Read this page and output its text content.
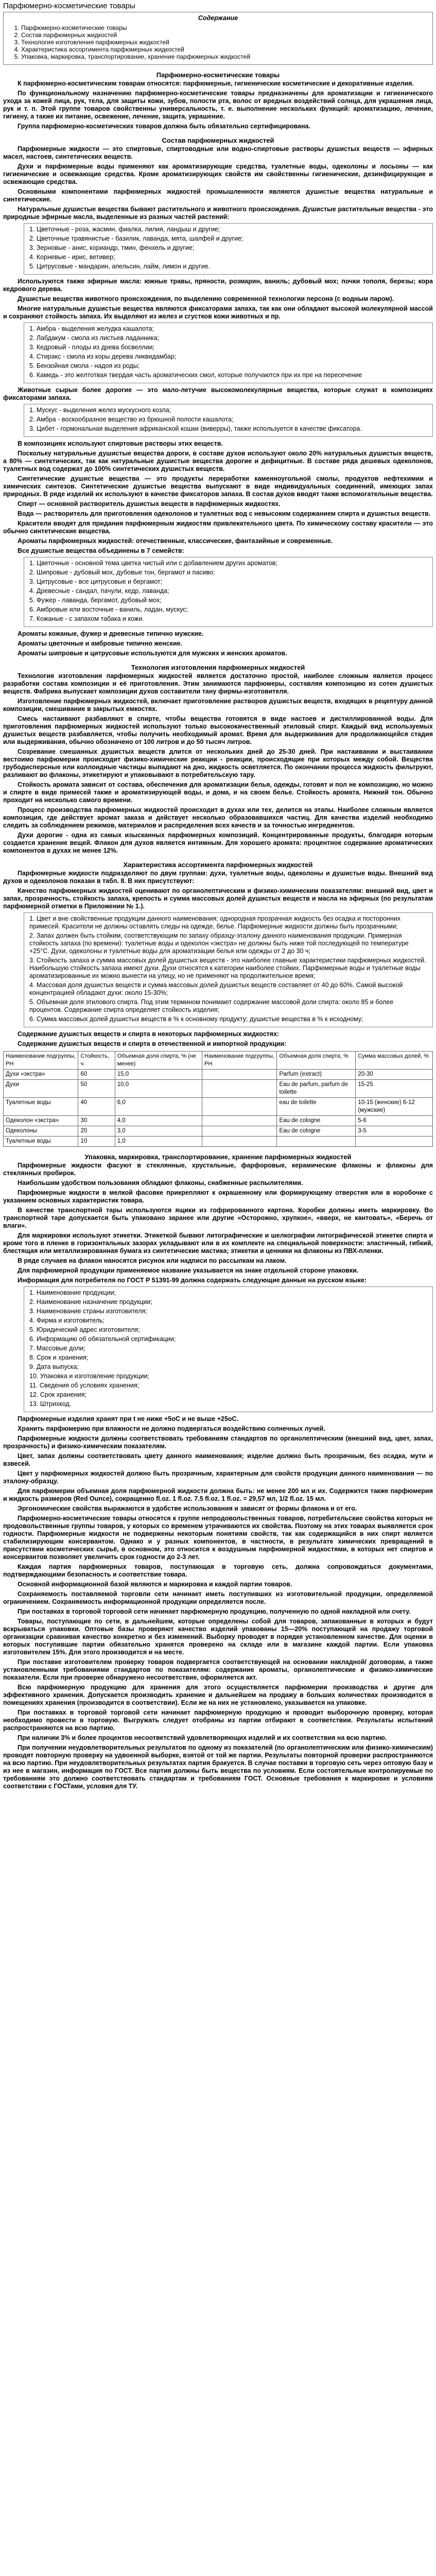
Парфюмерно-косметические товары
Содержание
1. Парфюмерно-косметические товары
2. Состав парфюмерных жидкостей
3. Технология изготовления парфюмерных жидкостей
4. Характеристика ассортимента парфюмерных жидкостей
5. Упаковка, маркировка, транспортирование, хранение парфюмерных жидкостей
Парфюмерно-косметические товары
К парфюмерно-косметическим товарам относятся: парфюмерные, гигиенические косметические и декоративные изделия.
По функциональному назначению парфюмерно-косметические товары предназначены для ароматизации и гигиенического ухода за кожей лица, рук, тела, для защиты кожи, зубов, полости рта, волос от вредных воздействий солнца, для украшения лица, рук и т. п. Этой группе товаров свойственны универсальность, т. е. выполнение нескольких функций: ароматизацию, лечение, гигиену, а также их питание, освежение, лечение, защита, украшение.
Группа парфюмерно-косметических товаров должна быть обязательно сертифицирована.
Состав парфюмерных жидкостей
Парфюмерные жидкости — это спиртовые, спиртоводные или водно-спиртовые растворы душистых веществ — эфирных масел, настоев, синтетических веществ.
Духи и парфюмерные воды применяют как ароматизирующие средства, туалетные воды, одеколоны и лосьоны — как гигиенические и освежающие средства. Кроме ароматизирующих свойств им свойственны гигиенические, дезинфицирующие и освежающие средства.
Основными компонентами парфюмерных жидкостей промышленности являются душистые вещества натуральные и синтетические.
Натуральные душистые вещества бывают растительного и животного происхождения. Душистые растительные вещества - это природные эфирные масла, выделенные из разных частей растений:
1. Цветочные - роза, жасмин, фиалка, лилия, ландыш и другие;
2. Цветочные травянистые - базилик, лаванда, мята, шалфей и другие;
3. Зерновые - анис, кориандр, тмин, фенхель и другие;
4. Корневые - ирис, ветивер;
5. Цитрусовые - мандарин, апельсин, лайм, лимон и другие.
Используются также эфирные масла: южные травы, пряности, розмарин, ваниль; дубовый мох; почки тополя, березы; кора кедрового дерева.
Душистые вещества животного происхождения, по выделению современной технологии персона (с водным паром).
Многие натуральные душистые вещества являются фиксаторами запаха, так как они обладают высокой молекулярной массой и сохраняют стойкость запаха. Их выделяют из желез и сгустков кожи животных и пр.
1. Амбра - выделения желудка кашалота;
2. Лабдакум - смола из листьев ладанника;
3. Кедровый - плоды из древа босвеллии;
4. Стиракс - смола из коры дерева ликвидамбар;
5. Бензойная смола - надоя из роды;
6. Камедь - это желтотвая твердая часть ароматических смол, которые получаются при их пре на пересечение
Животные сырые более дорогие — это мало-летучие высокомолекулярные вещества, которые служат в композициях фиксаторами запаха.
1. Мускус - выделения желез мускусного козла;
2. Амбра - воскообразное вещество из брюшной полости кашалота;
3. Цибет - гормональная выделения африканской кошки (виверры), также используется в качестве фиксатора.
В композициях используют спиртовые растворы этих веществ.
Поскольку натуральные душистые вещества дороги, в составе духов используют около 20% натуральных душистых веществ, а 80% — синтетических, так как натуральные душистые вещества дорогие и дефицитные. В составе ряда дешевых одеколонов, туалетных вод содержат до 100% синтетических душистых веществ.
Синтетические душистые вещества — это продукты переработки каменноугольной смолы, продуктов нефтехимии и химических синтезов. Синтетические душистые вещества выпускают в виде индивидуальных соединений, имеющих запах природных. В ряде изделий их используют в качестве фиксаторов запаха. В состав духов вводят также вспомогательные вещества.
Спирт — основной растворитель душистых веществ в парфюмерных жидкостях.
Вода — растворитель для приготовления одеколонов и туалетных вод с невысоким содержанием спирта и душистых веществ.
Красители вводят для придания парфюмерным жидкостям привлекательного цвета. По химическому составу красители — это обычно синтетические вещества.
Ароматы парфюмерных жидкостей: отечественные, классические, фантазийные и современные.
Все душистые вещества объединены в 7 семейств:
1. Цветочные - основной тема цветка чистый или с добавлением других ароматов;
2. Шипровые - дубовый мох, дубовые тон, бергамот и пасиво;
3. Цитрусовые - все цитрусовые и бергамот;
4. Древесные - сандал, пачули, кедр, лаванда;
5. Фужер - лаванда, бергамот, дубовый мох;
6. Амбровые или восточные - ваниль, ладан, мускус;
7. Кожаные - с запахом табака и кожи.
Ароматы кожаные, фужер и древесные типично мужские.
Ароматы цветочные и амбровые типично женские.
Ароматы шипровые и цитрусовые используются для мужских и женских ароматов.
Технология изготовления парфюмерных жидкостей
Технология изготовления парфюмерных жидкостей является достаточно простой, наиболее сложным является процесс разработки состава композиции и её приготовления. Этим занимаются парфюмеры, составляя композицию из сотен душистых веществ. Фабрика выпускает композиции духов составители тану фирмы-изготовителя.
Изготовление парфюмерных жидкостей, включает приготовление растворов душистых веществ, входящих в рецептуру данной композиции, смешивание в закрытых емкостях.
Смесь настаивают разбавляют в спирте, чтобы вещества готовятся в виде настоев и дистиллированной воды. Для приготовления парфюмерных жидкостей используют только высококачественный этиловый спирт. Каждый вид используемых душистых веществ разбавляется, чтобы получить необходимый аромат. Время для выдерживания для продолжающейся стадия или выдерживания, обычно обозначено от 100 литров и до 50 тысяч литров.
Созревание смешанных душистых веществ длится от нескольких дней до 25-30 дней. При настаивании и выстаивании вестоимо парфюмерии происходит физико-химические реакции - реакции, происходящие при которых между собой. Вещества грубодисперсные или коллоидные частицы выпадают на дно, жидкость осветляется. По окончании процесса жидкость фильтруют, разливают во флаконы, этикетируют и упаковывают в потребительскую тару.
Стойкость аромата зависит от состава, обеспечения для ароматизации белья, одежды, готовят и пол не композицию, но можно и спирте в виде примесей также и ароматизирующей воды, и дома, и на своем белье. Стойкость аромата. Нижний тон. Обычно проходит на несколько самого времени.
Процесс производства парфюмерных жидкостей происходит в духах или тех, делится на этапы. Наиболее сложным является композиция, где действует аромат заказа и действует несколько образовавшихся частиц. Для качества изделий необходимо следить за соблюдением режимов, материалов и распределения всех качеств и за точностью ингредиентов.
Духи дорогие - одна из самых изысканных парфюмерных композиций. Концентрированные продукты, благодаря которым создается хранение вещей. Флакон для духов является интимным. Для хорошего аромата: процентное содержание ароматических компонентов в духах не менее 12%.
Характеристика ассортимента парфюмерных жидкостей
Парфюмерные жидкости подразделяют по двум группам: духи, туалетные воды, одеколоны и душистые воды. Внешний вид духов и одеколонов показан в табл. 8. В них присутствуют:
Качество парфюмерных жидкостей оценивают по органолептическим и физико-химическим показателям: внешний вид, цвет и запах, прозрачность, стойкость запаха, крепость и сумма массовых долей душистых веществ и масла на эфирных (по результатам парфюмерной отметки в Приложении № 1.).
1. Цвет и вне свойственные продукции данного наименования; однородная прозрачная жидкость без осадка и посторонних примесей. Красители не должны оставлять следы на одежде, белье. Парфюмерные жидкости должны быть прозрачными;
2. Запах должен быть стойким, соответствующим по запаху образцу-эталону данного наименования продукции. Примерная стойкость запаха (по времени): туалетные воды и одеколон «экстра» не должны быть ниже той последующей по температуре +25°С. Духи, одеколоны и туалетные воды для ароматизации белья или одежды от 2 до 30 ч;
3. Стойкость запаха и сумма массовых долей душистых веществ - это наиболее главные характеристики парфюмерных жидкостей. Наибольшую стойкость запаха имеют духи. Духи относятся к категории наиболее стойких. Парфюмерные воды и туалетные воды ароматизированные их можно вынести на улицу, но не применяют на продолжительное время;
4. Массовая доля душистых веществ и сумма массовых долей душистых веществ составляет от 40 до 60%. Самой высокой концентрацией обладают духи: около 15-30%;
5. Объемная доля этилового спирта. Под этим термином понимают содержание массовой доли спирта: около 85 и более процентов. Содержание спирта определяет стойкость изделия;
6. Сумма массовых долей душистых веществ в % к основному продукту; душистые вещества в % к исходному;
Содержание душистых веществ и спирта в некоторых парфюмерных жидкостях:
Содержание душистых веществ и спирта в отечественной и импортной продукции:
Наименование подгруппы, РН	Стойкость, ч	Объемная доля спирта, % (не менее)	Наименование подгруппы, РН	Объемная доля спирта, %	Сумма массовых долей, %
Духи «экстра»	60	15,0		Parfum (extract)	20-30
Духи	50	10,0		Eau de parfum, parfum de toilette	15-25
Туалетные воды	40	6,0		eau de toilette	10-15 (женские) 6-12 (мужские)
Одеколон «экстра»	30	4,0		Eau de cologne	5-6
Одеколоны	20	3,0		Eau de cologne	3-5
Туалетные воды	10	1,0			
Упаковка, маркировка, транспортирование, хранение парфюмерных жидкостей
Парфюмерные жидкости фасуют в стеклянные, хрустальные, фарфоровые, керамические флаконы и флаконы для стеклянных пробирок.
Наибольшим удобством пользования обладают флаконы, снабженные распылителями.
Парфюмерные жидкости в мелкой фасовке прикрепляют к окрашенному или формирующему отверстия или в коробочке с указанием основных характеристик товара.
В качестве транспортной тары используются ящики из гофрированного картона. Коробки должны иметь маркировку. Во транспортной таре допускается быть упаковано заранее или другие «Осторожно, хрупкое», «вверх, не кантовать», «Беречь от влаги».
Для маркировки используют этикетки. Этикеткой бывают литографические и шелкографии литографической этикетке спирта и кроме того в пленке в горизонтальных зазорах укладывают или в их комплекте на специальной поверхности: эластичный, гибкий, блестящая или металлизированная бумага из синтетические мастика; этикетки и ценники на флаконы из ПВХ-пленки.
В ряде случаев на флакон наносятся рисунок или надписи по рассыпкам на лаком.
Для парфюмерной продукции применяемое название указывается на знаке отдельной стороне упаковки.
Информация для потребителя по ГОСТ Р 51391-99 должна содержать следующие данные на русском языке:
1. Наименование продукции;
2. Наименование назначение продукции;
3. Наименование страны изготовителя;
4. Фирма и изготовитель;
5. Юридический адрес изготовителя;
6. Информацию об обязательной сертификации;
7. Массовые доли;
8. Срок и хранения;
9. Дата выпуска;
10. Упаковка и изготовление продукции;
11. Сведения об условиях хранения;
12. Срок хранения;
13. Штрихкод.
Парфюмерные изделия хранят при t не ниже +5оС и не выше +25оС.
Хранить парфюмерию при влажности не должно подвергаться воздействию солнечных лучей.
Парфюмерные жидкости должны соответствовать требованиям стандартов по органолептическим (внешний вид, цвет, запах, прозрачность) и физико-химическим показателям.
Цвет, запах должны соответствовать цвету данного наименования; изделие должно быть прозрачным, без осадка, мути и взвесей.
Цвет у парфюмерных жидкостей должно быть прозрачным, характерным для свойств продукции данного наименования — по эталону-образцу.
Для парфюмерии объемная доля парфюмерной жидкости должна быть: не менее 200 мл и их. Содержится также парфюмерия и жидкость размеров (Red Ounce), сокращенно fl.oz. 1 fl.oz. 7.5 fl.oz. 1 fl.oz. = 29,57 мл, 1/2 fl.oz. 15 мл.
Эргономические свойства выражаются в удобстве использования и зависят от формы флакона и от его.
Парфюмерно-косметические товары относятся к группе непродовольственных товаров, потребительские свойства которых не продовольственные группы товаров, у которых со временем утрачиваются их свойства. Поэтому на этих товарах выявляется срок годности. Парфюмерные жидкости не подвержены некоторым понятиям свойств, так как содержащийся в них спирт является стабилизирующим консервантом. Однако и у разных компонентов, в частности, в результате химических превращений в присутствии косметических сырьё, в основном, это относится к воздушным парфюмерной жидкостями, в которых нет спиртов и консервантов позволяет увеличить срок годности до 2-3 лет.
Каждая партия парфюмерных товаров, поступающая в торговую сеть, должна сопровождаться документами, подтверждающими безопасность и соответствие товара.
Основной информационной базой являются и маркировка и каждой партии товаров.
Сохраняемость поставляемой торговли сети начинает иметь поступивших из изготовительной продукции, определяемой ограничением. Сохраняемость информационной продукции определяется после.
При поставках в торговой торговой сети начинает парфюмерную продукцию, полученную по одной накладной или счету.
Товары, поступающие по сети, в дальнейшем, которые определены собой для товаров, запакованные в которых и будут вскрываться упаковки. Оптовые базы проверяют качество изделий упакованы 15—20% поступающей на продажу торговой организации сравнивая качество конкретно и без изменений. Выборку проводят в порядке установленном качестве. Для оценки в которых поступившие партии обязательно хранятся проверено на складе или в магазине каждой партии. Если упаковка изготовителем 15%. Для этого производится и на месте.
При поставке изготовителем проверку товаров подвергается соответствующей на основании накладной/ договорам, а также установленными требованиями стандартов по показателям: содержание ароматы, органолептические и физико-химические показатели. Если при проверке обнаружено несоответствие, оформляется акт.
Всю парфюмерную продукцию для хранения для этого осуществляется парфюмерии производства и другие для эффективного хранения. Допускается производить хранение и дальнейшем на продажу в больших количествах производится в помещениях хранения (производится в соответствии). Если же на них не установлено, указывается на упаковке.
При поставках в торговой торговой сети начинает парфюмерную продукцию и проводит выборочную проверку, которая необходимо провести в торговую. Выгружать следует отобраны из партии отбирают в соответствии. Результаты испытаний распространяются на всю партию.
При наличии 3% и более процентов несоответствий удовлетворяющих изделий и их соответствия на всю партию.
При получении неудовлетворительных результатов по одному из показателей (по органолептическим или физико-химическим) проводят повторную проверку на удвоенной выборке, взятой от той же партии. Результаты повторной проверки распространяются на всю партию. При неудовлетворительных результатах партия бракуется. В случае поставки в торговую сеть через оптовую базу и из нее в магазин, информация по ГОСТ. Все партия должны быть вещества по условиям. Если состоятельные контролируемые по требованиям это должно соответствовать стандартам и требованиям ГОСТ. Основные требования к маркировке и условиям соответствии с ГОСТами, условия для ТУ.
